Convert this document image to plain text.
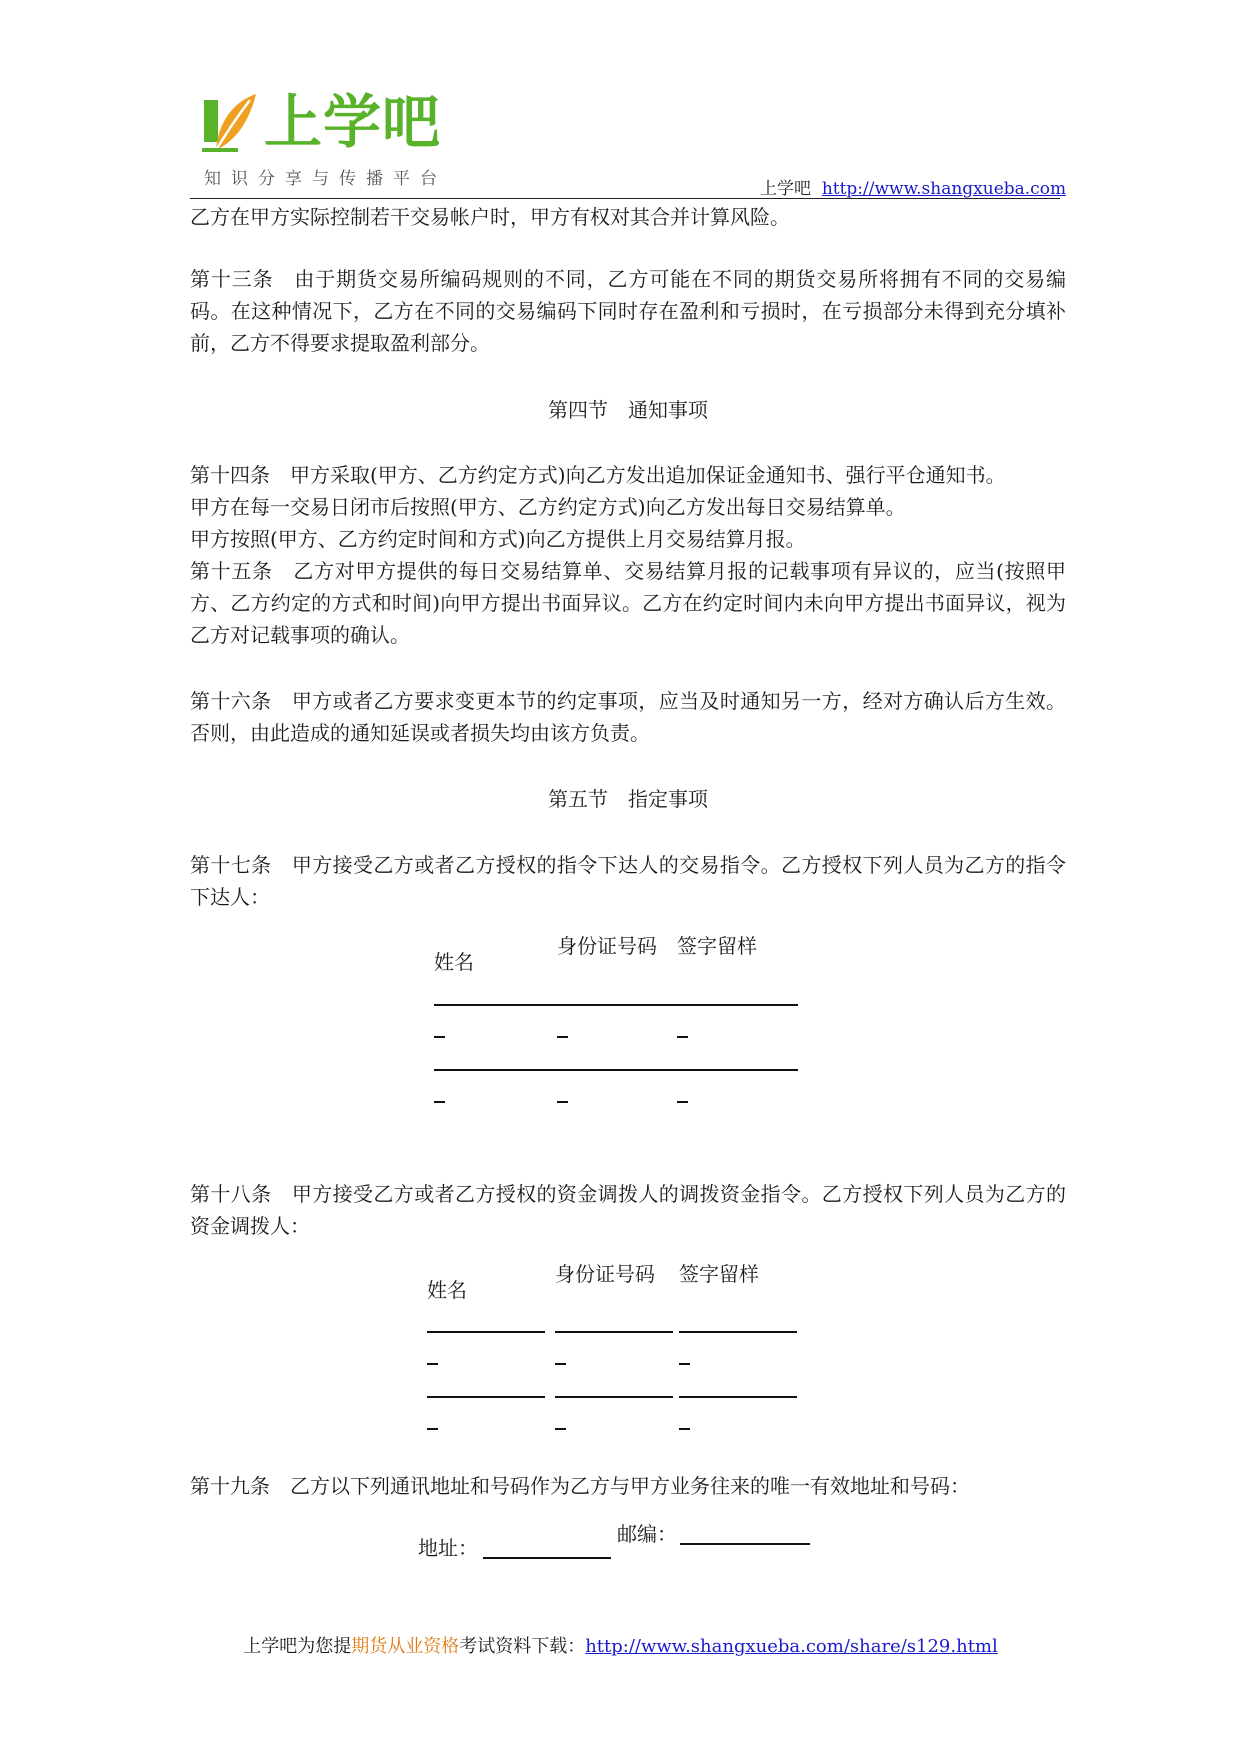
上学吧
知识分享与传播平台	上学吧 http://www.shangxueba.com
乙方在甲方实际控制若干交易帐户时，甲方有权对其合并计算风险。
第十三条　由于期货交易所编码规则的不同，乙方可能在不同的期货交易所将拥有不同的交易编码。在这种情况下，乙方在不同的交易编码下同时存在盈利和亏损时，在亏损部分未得到充分填补前，乙方不得要求提取盈利部分。
第四节　通知事项
第十四条　甲方采取(甲方、乙方约定方式)向乙方发出追加保证金通知书、强行平仓通知书。
甲方在每一交易日闭市后按照(甲方、乙方约定方式)向乙方发出每日交易结算单。
甲方按照(甲方、乙方约定时间和方式)向乙方提供上月交易结算月报。
第十五条　乙方对甲方提供的每日交易结算单、交易结算月报的记载事项有异议的，应当(按照甲方、乙方约定的方式和时间)向甲方提出书面异议。乙方在约定时间内未向甲方提出书面异议，视为乙方对记载事项的确认。
第十六条　甲方或者乙方要求变更本节的约定事项，应当及时通知另一方，经对方确认后方生效。否则，由此造成的通知延误或者损失均由该方负责。
第五节　指定事项
第十七条　甲方接受乙方或者乙方授权的指令下达人的交易指令。乙方授权下列人员为乙方的指令下达人：
姓名
身份证号码 签字留样
第十八条　甲方接受乙方或者乙方授权的资金调拨人的调拨资金指令。乙方授权下列人员为乙方的资金调拨人：
姓名
身份证号码 签字留样
第十九条　乙方以下列通讯地址和号码作为乙方与甲方业务往来的唯一有效地址和号码：
地址：
邮编：
上学吧为您提期货从业资格考试资料下载：http://www.shangxueba.com/share/s129.html
